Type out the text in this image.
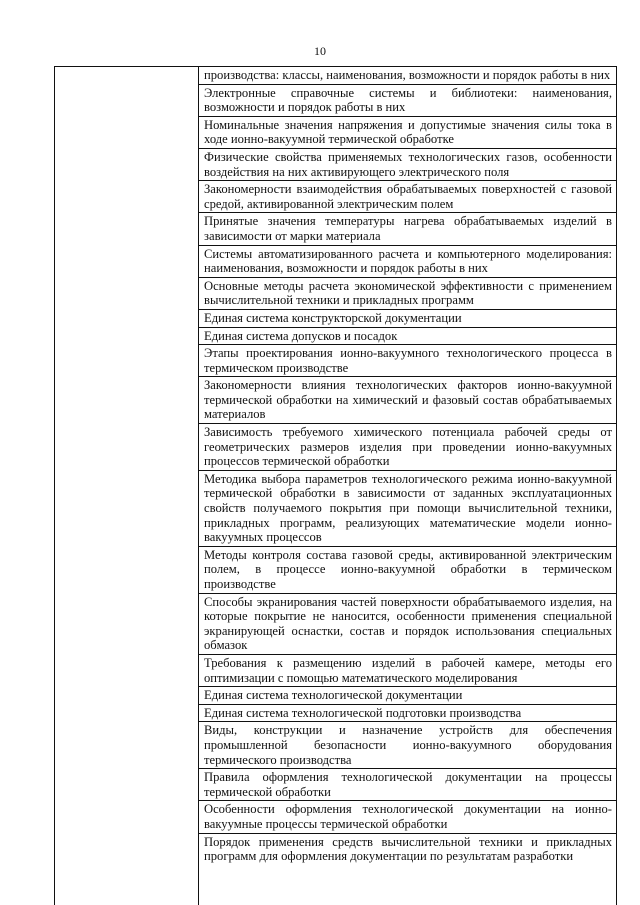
10
производства: классы, наименования, возможности и порядок работы в них
Электронные справочные системы и библиотеки: наименования, возможности и порядок работы в них
Номинальные значения напряжения и допустимые значения силы тока в ходе ионно-вакуумной термической обработке
Физические свойства применяемых технологических газов, особенности воздействия на них активирующего электрического поля
Закономерности взаимодействия обрабатываемых поверхностей с газовой средой, активированной электрическим полем
Принятые значения температуры нагрева обрабатываемых изделий в зависимости от марки материала
Системы автоматизированного расчета и компьютерного моделирования: наименования, возможности и порядок работы в них
Основные методы расчета экономической эффективности с применением вычислительной техники и прикладных программ
Единая система конструкторской документации
Единая система допусков и посадок
Этапы проектирования ионно-вакуумного технологического процесса в термическом производстве
Закономерности влияния технологических факторов ионно-вакуумной термической обработки на химический и фазовый состав обрабатываемых материалов
Зависимость требуемого химического потенциала рабочей среды от геометрических размеров изделия при проведении ионно-вакуумных процессов термической обработки
Методика выбора параметров технологического режима ионно-вакуумной термической обработки в зависимости от заданных эксплуатационных свойств получаемого покрытия при помощи вычислительной техники, прикладных программ, реализующих математические модели ионно-вакуумных процессов
Методы контроля состава газовой среды, активированной электрическим полем, в процессе ионно-вакуумной обработки в термическом производстве
Способы экранирования частей поверхности обрабатываемого изделия, на которые покрытие не наносится, особенности применения специальной экранирующей оснастки, состав и порядок использования специальных обмазок
Требования к размещению изделий в рабочей камере, методы его оптимизации с помощью математического моделирования
Единая система технологической документации
Единая система технологической подготовки производства
Виды, конструкции и назначение устройств для обеспечения промышленной безопасности ионно-вакуумного оборудования термического производства
Правила оформления технологической документации на процессы термической обработки
Особенности оформления технологической документации на ионно-вакуумные процессы термической обработки
Порядок применения средств вычислительной техники и прикладных программ для оформления документации по результатам разработки
